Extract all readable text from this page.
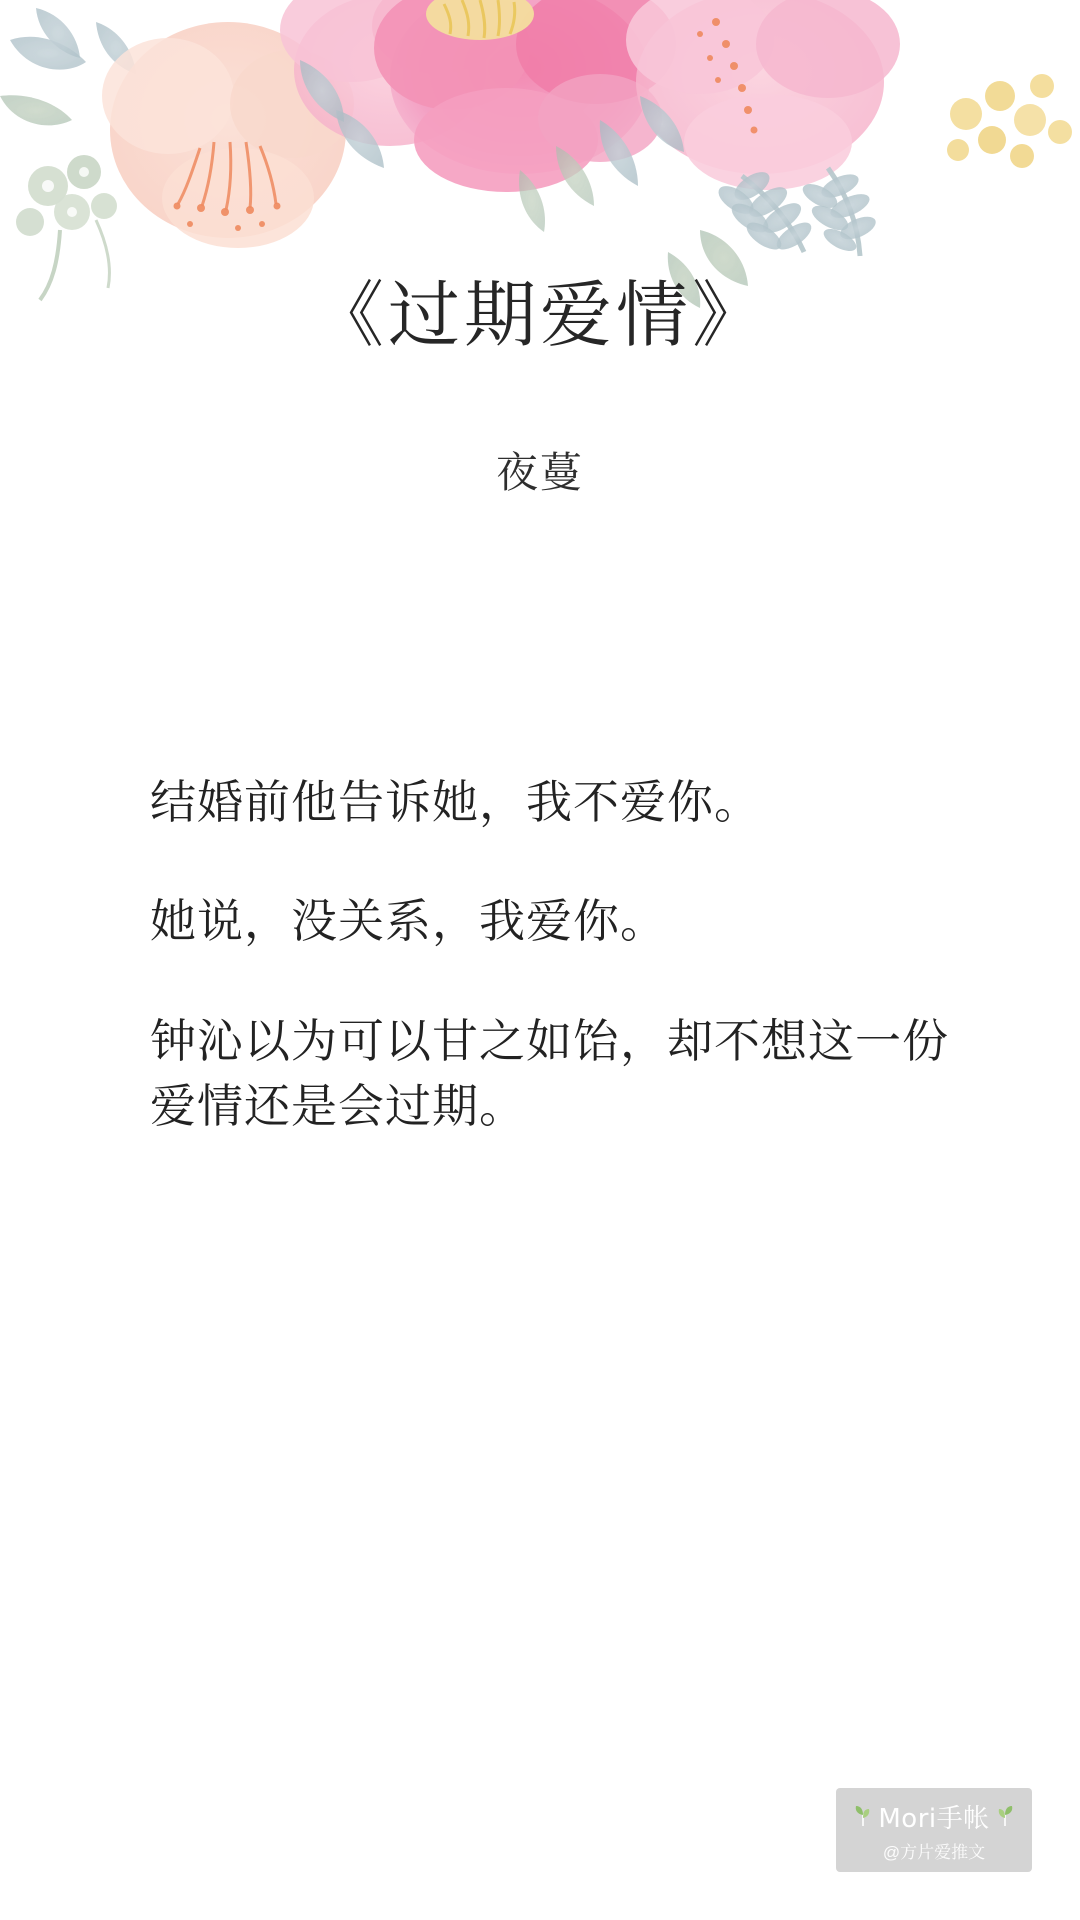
《过期爱情》
夜蔓

结婚前他告诉她，我不爱你。

她说，没关系，我爱你。

钟沁以为可以甘之如饴，却不想这一份爱情还是会过期。

Mori手帐
@方片爱推文
